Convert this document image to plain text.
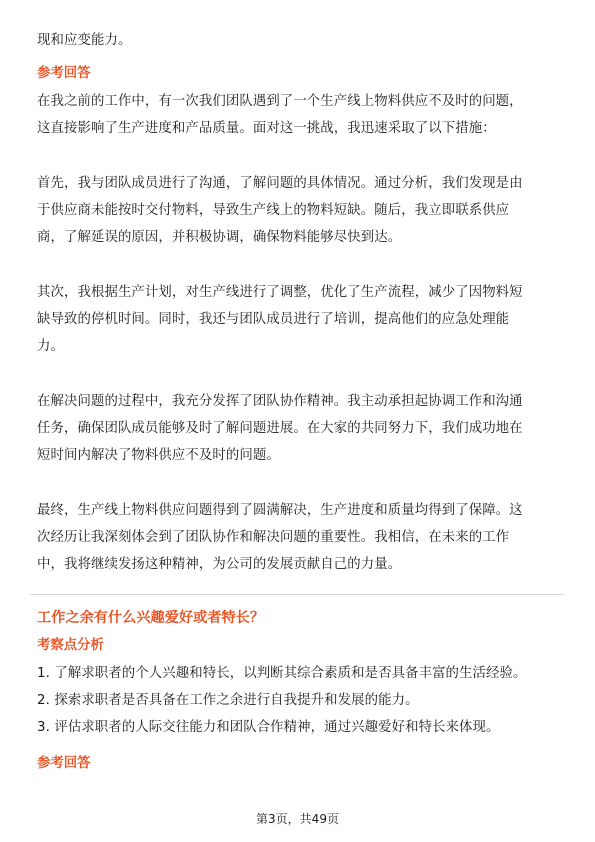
现和应变能力。
参考回答
在我之前的工作中，有一次我们团队遇到了一个生产线上物料供应不及时的问题，
这直接影响了生产进度和产品质量。面对这一挑战，我迅速采取了以下措施：
首先，我与团队成员进行了沟通，了解问题的具体情况。通过分析，我们发现是由
于供应商未能按时交付物料，导致生产线上的物料短缺。随后，我立即联系供应
商，了解延误的原因，并积极协调，确保物料能够尽快到达。
其次，我根据生产计划，对生产线进行了调整，优化了生产流程，减少了因物料短
缺导致的停机时间。同时，我还与团队成员进行了培训，提高他们的应急处理能
力。
在解决问题的过程中，我充分发挥了团队协作精神。我主动承担起协调工作和沟通
任务，确保团队成员能够及时了解问题进展。在大家的共同努力下，我们成功地在
短时间内解决了物料供应不及时的问题。
最终，生产线上物料供应问题得到了圆满解决，生产进度和质量均得到了保障。这
次经历让我深刻体会到了团队协作和解决问题的重要性。我相信，在未来的工作
中，我将继续发扬这种精神，为公司的发展贡献自己的力量。
工作之余有什么兴趣爱好或者特长？
考察点分析
1. 了解求职者的个人兴趣和特长，以判断其综合素质和是否具备丰富的生活经验。
2. 探索求职者是否具备在工作之余进行自我提升和发展的能力。
3. 评估求职者的人际交往能力和团队合作精神，通过兴趣爱好和特长来体现。
参考回答
第3页，共49页
